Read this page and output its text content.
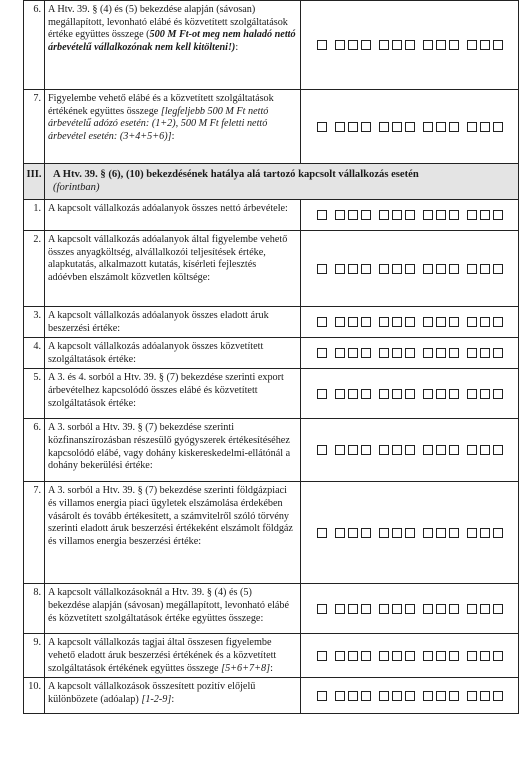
6.	A Htv. 39. § (4) és (5) bekezdése alapján (sávosan) megállapított, levonható elábé és közvetített szolgáltatások értéke együttes összege (500 M Ft-ot meg nem haladó nettó árbevételű vállalkozónak nem kell kitölteni!):	
7.	Figyelembe vehető elábé és a közvetített szolgáltatások értékének együttes összege [legfeljebb 500 M Ft nettó árbevételű adózó esetén: (1+2), 500 M Ft feletti nettó árbevétel esetén: (3+4+5+6)]:	
III.	A Htv. 39. § (6), (10) bekezdésének hatálya alá tartozó kapcsolt vállalkozás esetén
(forintban)	
1.	A kapcsolt vállalkozás adóalanyok összes nettó árbevétele:	
2.	A kapcsolt vállalkozás adóalanyok által figyelembe vehető összes anyagköltség, alvállalkozói teljesítések értéke, alapkutatás, alkalmazott kutatás, kísérleti fejlesztés adóévben elszámolt közvetlen költsége:	
3.	A kapcsolt vállalkozás adóalanyok összes eladott áruk beszerzési értéke:	
4.	A kapcsolt vállalkozás adóalanyok összes közvetített szolgáltatások értéke:	
5.	A 3. és 4. sorból a Htv. 39. § (7) bekezdése szerinti export árbevételhez kapcsolódó összes elábé és közvetített szolgáltatások értéke:	
6.	A 3. sorból a Htv. 39. § (7) bekezdése szerinti közfinanszírozásban részesülő gyógyszerek értékesítéséhez kapcsolódó elábé, vagy dohány kiskereskedelmi-ellátónál a dohány bekerülési értéke:	
7.	A 3. sorból a Htv. 39. § (7) bekezdése szerinti földgázpiaci és villamos energia piaci ügyletek elszámolása érdekében vásárolt és tovább értékesített, a számvitelről szóló törvény szerinti eladott áruk beszerzési értékeként elszámolt földgáz és villamos energia beszerzési értéke:	
8.	A kapcsolt vállalkozásoknál a Htv. 39. § (4) és (5) bekezdése alapján (sávosan) megállapított, levonható elábé és közvetített szolgáltatások értéke együttes összege:	
9.	A kapcsolt vállalkozás tagjai által összesen figyelembe vehető eladott áruk beszerzési értékének és a közvetített szolgáltatások értékének együttes összege [5+6+7+8]:	
10.	A kapcsolt vállalkozások összesített pozitív előjelű különbözete (adóalap) [1-2-9]:	
